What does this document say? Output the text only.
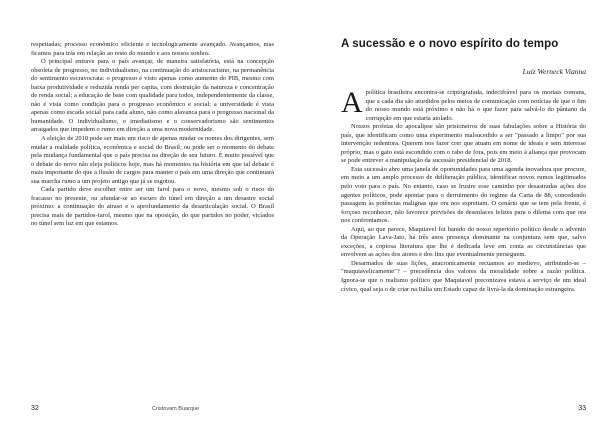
respeitadas; processo econômico eficiente e tecnologicamente avançado. Avançamos, mas ficamos para trás em relação ao resto do mundo e aos nossos sonhos.

O principal entrave para o país avançar, de maneira satisfatória, está na concepção obsoleta de progresso, no individualismo, na continuação do aristocracismo, na permanência do sentimento escravocrata: o progresso é visto apenas como aumento do PIB, mesmo com baixa produtividade e reduzida renda per capita, com destruição da natureza e concentração de renda social; a educação de base com qualidade para todos, independentemente da classe, não é vista como condição para o progresso econômico e social; a universidade é vista apenas como escada social para cada aluno, não como alavanca para o progresso nacional da humanidade. O individualismo, o imediatismo e o conservadorismo são sentimentos arraigados que impedem o rumo em direção a uma nova modernidade.

A eleição de 2018 pode ser mais um risco de apenas mudar os nomes dos dirigentes, sem mudar a realidade política, econômica e social do Brasil; ou pode ser o momento do debate pela mudança fundamental que o país precisa na direção de seu futuro. É muito possível que o debate do novo não eleja políticos hoje, mas há momentos na história em que tal debate é mais importante do que a ilusão de cargos para manter o país em uma direção que continuará sua marcha rumo a um projeto antigo que já se esgotou.

Cada partido deve escolher entre ser um farol para o novo, mesmo sob o risco do fracasso no presente, ou afundar-se ao escuro do túnel em direção a um desastre social próximo: a continuação do atraso e o aprofundamento da desarticulação social. O Brasil precisa mais de partidos-farol, mesmo que na oposição, do que partidos no poder, vicíados no túnel sem luz em que estamos.

32	Cristovam Buarque
A sucessão e o novo espírito do tempo
Luiz Werneck Vianna

Apolítica brasileira encontra-se criptografada, indecifrável para os mortais comuns, que a cada dia são aturdidos pelos meios de comunicação com notícias de que o fim do nosso mundo está próximo e não há o que fazer para salvá-lo do pântano da corrupção em que estaria atolado.

Nossos profetas do apocalipse são prisioneiros de suas fabulações sobre a História do país, que identificam como uma experimento malsucedido a ser "passado a limpo" por sua intervenção redentora. Querem nos fazer crer que atuam em nome de ideais e sem interesse próprio, mas o gato está escondido com o rabo de fora, pois em meio à aliança que provocam se pode entrever a manipulação da sucessão presidencial de 2018.

Esta sucessão abre uma janela de oportunidades para uma agenda inovadora que procure, em meio a um amplo processo de deliberação pública, identificar novos rumos legitimados pelo voto para o país. No entanto, caso se frustre esse caminho por desastradas ações dos agentes políticos, pode apontar para o derruimento do regime da Carta de 88, concedendo passagem às potências malignas que ora nos espreitam. O cenário que se tem pela frente, é forçoso reconhecer, não favorece previsões de desenlaces felizes para o dilema com que ora nos confrontamos.

Aqui, ao que parece, Maquiavel foi banido do nosso repertório político desde o advento da Operação Lava-Jato, há três anos presença dominante na conjuntura sem que, salvo exceções, a copiosa literatura que lhe é dedicada leve em conta as circunstâncias que envolvem as ações dos atores e dos fins que eventualmente perseguem.

Desarmados de suas lições, anacronicamente recuamos ao medievo, atribuindo-se – "maquiavelicamente"? – precedência dos valores da moralidade sobre a razão política. Ignora-se que o realismo político que Maquiavel preconizava estava a serviço de um ideal cívico, qual seja o de criar na Itália um Estado capaz de livrá-la da dominação estrangeira.

33
